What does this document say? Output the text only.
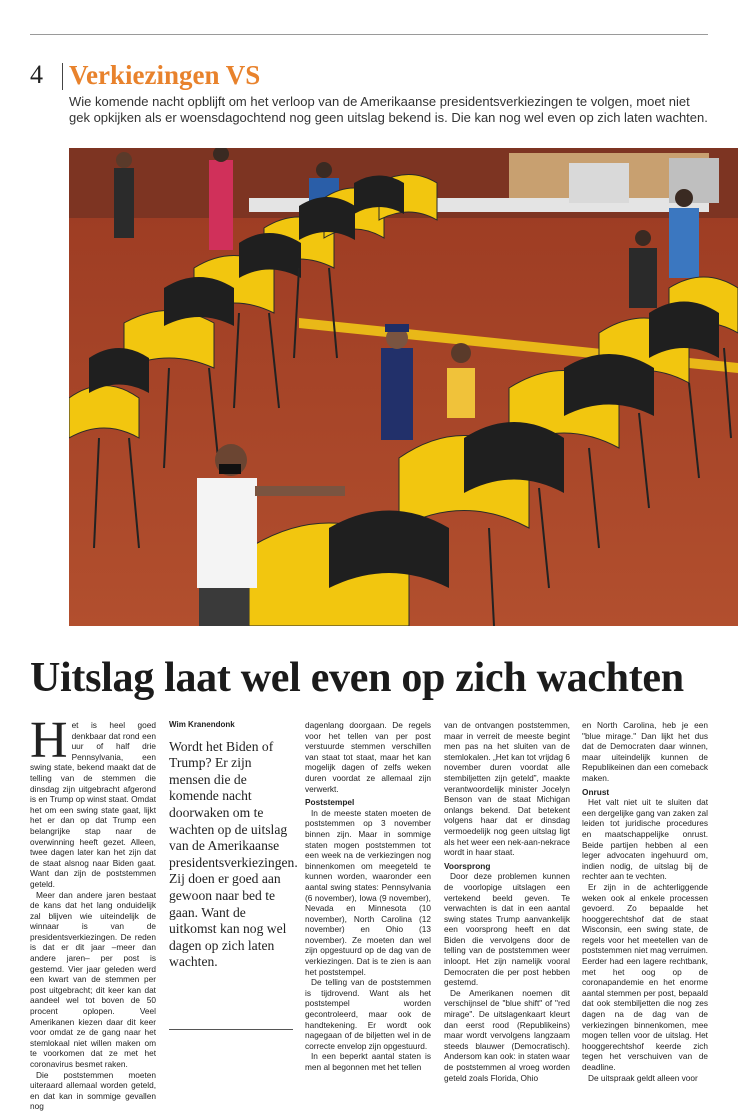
4 Verkiezingen VS
Wie komende nacht opblijft om het verloop van de Amerikaanse presidentsverkiezingen te volgen, moet niet gek opkijken als er woensdagochtend nog geen uitslag bekend is. Die kan nog wel even op zich laten wachten.
Uitslag laat wel even op zich wachten
H et is heel goed denkbaar dat rond een uur of half drie Pennsylvania, een swing state, bekend maakt dat de telling van de stemmen die dinsdag zijn uitgebracht afgerond is en Trump op winst staat. Omdat het om een swing state gaat, lijkt het er dan op dat Trump een belangrijke stap naar de overwinning heeft gezet. Alleen, twee dagen later kan het zijn dat de staat alsnog naar Biden gaat. Want dan zijn de poststemmen geteld.

Meer dan andere jaren bestaat de kans dat het lang onduidelijk zal blijven wie uiteindelijk de winnaar is van de presidentsverkiezingen. De reden is dat er dit jaar –meer dan andere jaren– per post is gestemd. Vier jaar geleden werd een kwart van de stemmen per post uitgebracht; dit keer kan dat aandeel wel tot boven de 50 procent oplopen. Veel Amerikanen kiezen daar dit keer voor omdat ze de gang naar het stemlokaal niet willen maken om te voorkomen dat ze met het coronavirus besmet raken.

Die poststemmen moeten uiteraard allemaal worden geteld, en dat kan in sommige gevallen nog

Wim Kranendonk
Wordt het Biden of Trump? Er zijn mensen die de komende nacht doorwaken om te wachten op de uitslag van de Amerikaanse presidentsverkiezingen. Zij doen er goed aan gewoon naar bed te gaan. Want de uitkomst kan nog wel dagen op zich laten wachten.

dagenlang doorgaan. De regels voor het tellen van per post verstuurde stemmen verschillen van staat tot staat, maar het kan mogelijk dagen of zelfs weken duren voordat ze allemaal zijn verwerkt.

Poststempel

In de meeste staten moeten de poststemmen op 3 november binnen zijn. Maar in sommige staten mogen poststemmen tot een week na de verkiezingen nog binnenkomen om meegeteld te kunnen worden, waaronder een aantal swing states: Pennsylvania (6 november), Iowa (9 november), Nevada en Minnesota (10 november), North Carolina (12 november) en Ohio (13 november). Ze moeten dan wel zijn opgestuurd op de dag van de verkiezingen. Dat is te zien is aan het poststempel.

De telling van de poststemmen is tijdrovend. Want als het poststempel worden gecontroleerd, maar ook de handtekening. Er wordt ook nagegaan of de biljetten wel in de correcte envelop zijn opgestuurd.

In een beperkt aantal staten is men al begonnen met het tellen

van de ontvangen poststemmen, maar in verreit de meeste begint men pas na het sluiten van de stemlokalen. „Het kan tot vrijdag 6 november duren voordat alle stembiljetten zijn geteld”, maakte verantwoordelijk minister Jocelyn Benson van de staat Michigan onlangs bekend. Dat betekent volgens haar dat er dinsdag vermoedelijk nog geen uitslag ligt als het weer een nek-aan-nekrace wordt in haar staat.

Voorsprong

Door deze problemen kunnen de voorlopige uitslagen een vertekend beeld geven. Te verwachten is dat in een aantal swing states Trump aanvankelijk een voorsprong heeft en dat Biden die vervolgens door de telling van de poststemmen weer inloopt. Het zijn namelijk vooral Democraten die per post hebben gestemd.

De Amerikanen noemen dit verschijnsel de "blue shift" of "red mirage". De uitslagenkaart kleurt dan eerst rood (Republikeins) maar wordt vervolgens langzaam steeds blauwer (Democratisch). Andersom kan ook: in staten waar de poststemmen al vroeg worden geteld zoals Florida, Ohio

en North Carolina, heb je een "blue mirage." Dan lijkt het dus dat de Democraten daar winnen, maar uiteindelijk kunnen de Republikeinen dan een comeback maken.

Onrust

Het valt niet uit te sluiten dat een dergelijke gang van zaken zal leiden tot juridische procedures en maatschappelijke onrust. Beide partijen hebben al een leger advocaten ingehuurd om, indien nodig, de uitslag bij de rechter aan te vechten.

Er zijn in de achterliggende weken ook al enkele processen gevoerd. Zo bepaalde het hooggerechtshof dat de staat Wisconsin, een swing state, de regels voor het meetellen van de poststemmen niet mag verruimen. Eerder had een lagere rechtbank, met het oog op de coronapandemie en het enorme aantal stemmen per post, bepaald dat ook stembiljetten die nog zes dagen na de dag van de verkiezingen binnenkomen, mee mogen tellen voor de uitslag. Het hooggerechtshof keerde zich tegen het verschuiven van de deadline.

De uitspraak geldt alleen voor
